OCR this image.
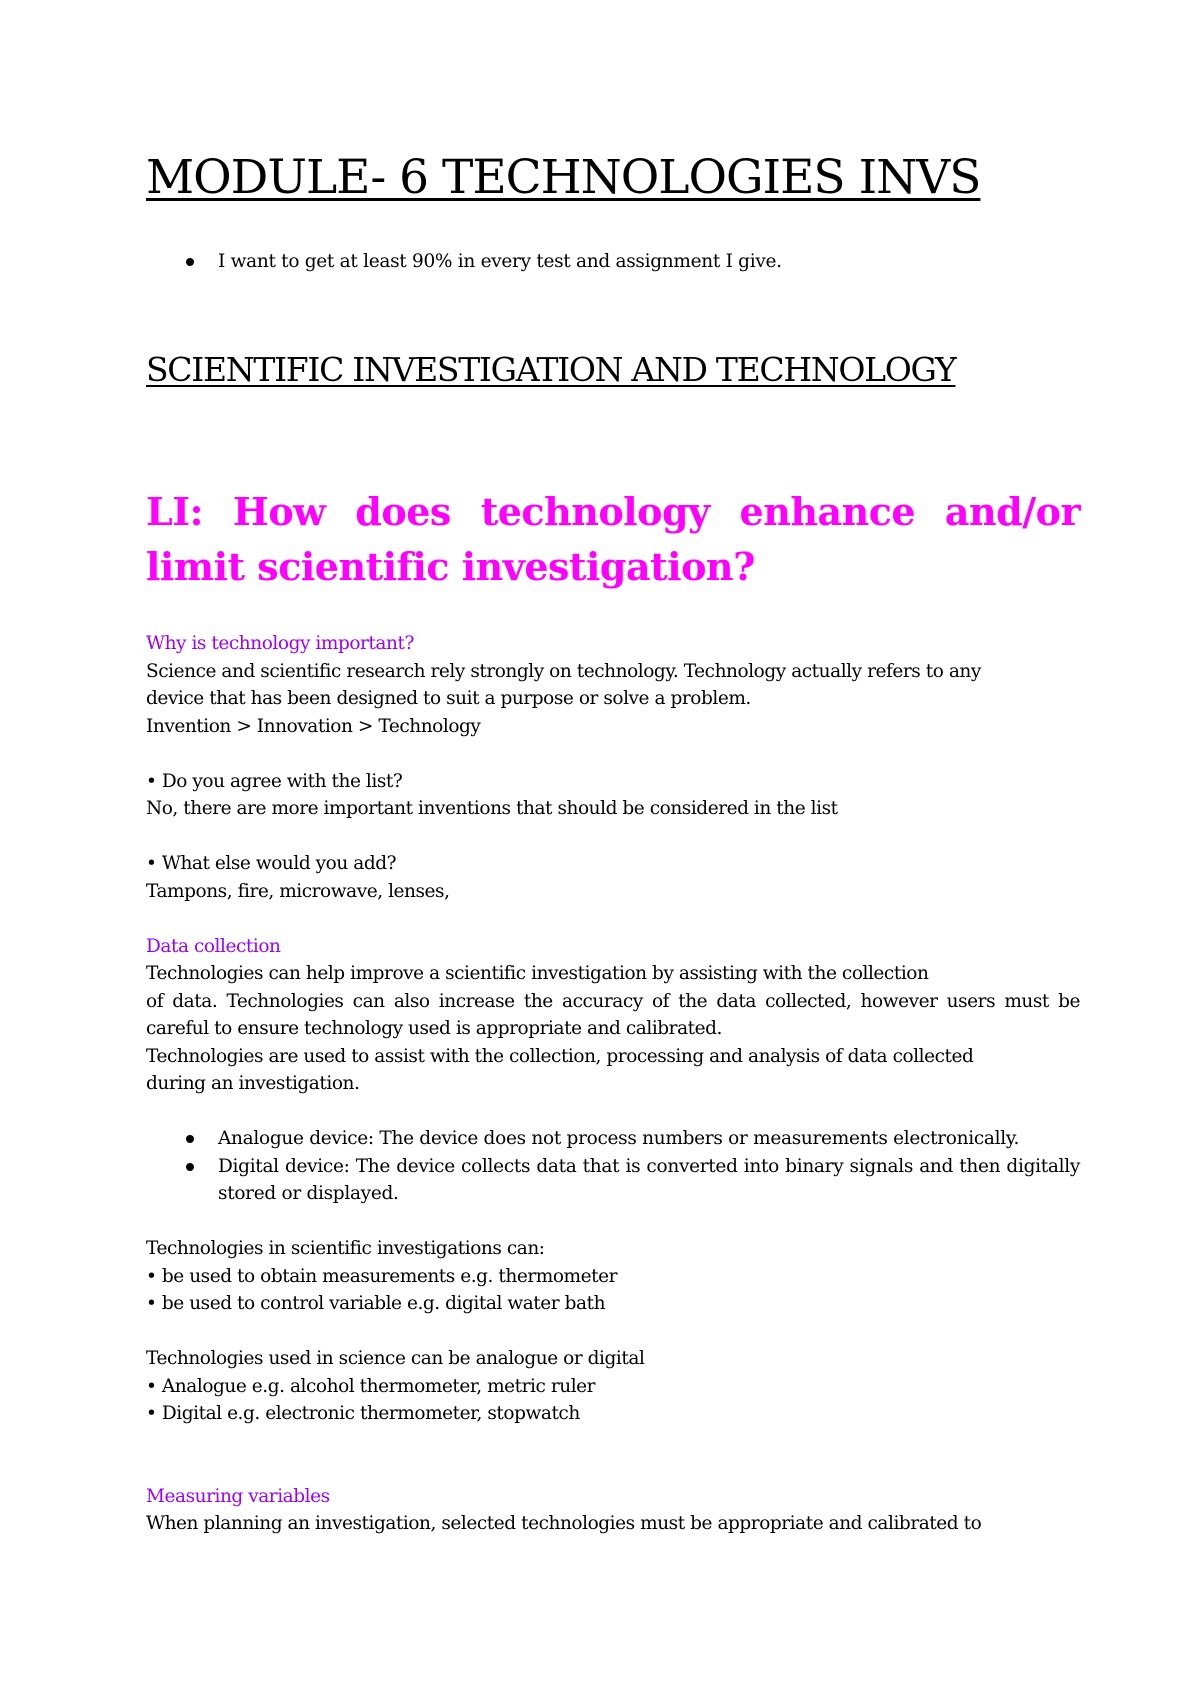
MODULE- 6 TECHNOLOGIES INVS
I want to get at least 90% in every test and assignment I give.
SCIENTIFIC INVESTIGATION AND TECHNOLOGY
LI: How does technology enhance and/or limit scientific investigation?

Why is technology important?

Science and scientific research rely strongly on technology. Technology actually refers to any

device that has been designed to suit a purpose or solve a problem.

Invention > Innovation > Technology

• Do you agree with the list?

No, there are more important inventions that should be considered in the list

• What else would you add?

Tampons, fire, microwave, lenses,

Data collection

Technologies can help improve a scientific investigation by assisting with the collection

of data. Technologies can also increase the accuracy of the data collected, however users must be careful to ensure technology used is appropriate and calibrated.

Technologies are used to assist with the collection, processing and analysis of data collected

during an investigation.

Analogue device: The device does not process numbers or measurements electronically.
Digital device: The device collects data that is converted into binary signals and then digitally stored or displayed.

Technologies in scientific investigations can:

• be used to obtain measurements e.g. thermometer

• be used to control variable e.g. digital water bath

Technologies used in science can be analogue or digital

• Analogue e.g. alcohol thermometer, metric ruler

• Digital e.g. electronic thermometer, stopwatch

Measuring variables

When planning an investigation, selected technologies must be appropriate and calibrated to
